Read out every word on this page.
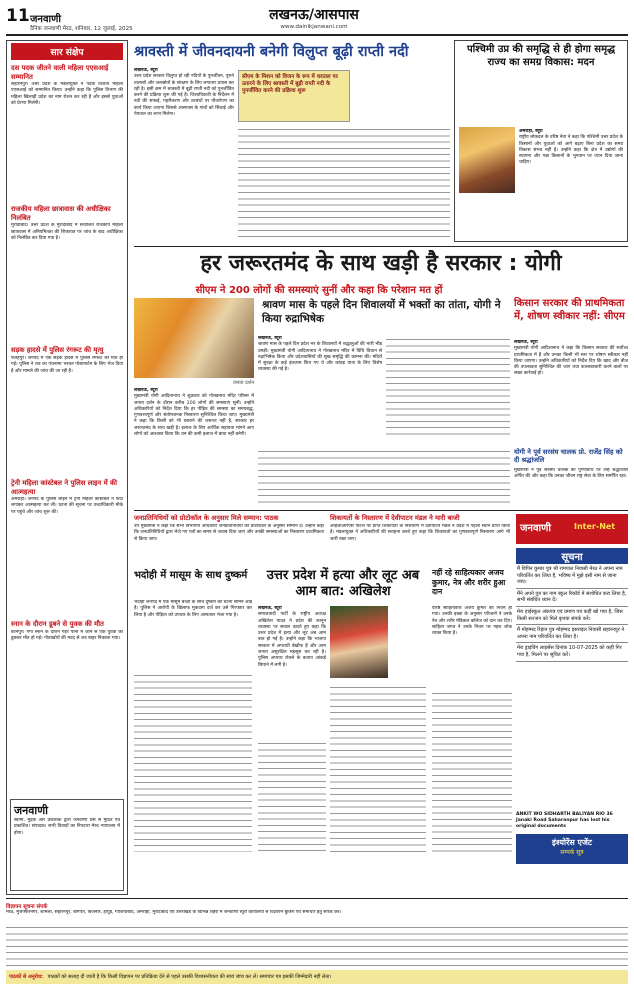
11 जनवाणी
दैनिक जनवाणी मेरठ, शनिवार, 12 जुलाई, 2025
लखनऊ/आसपास
www.dainikjanwani.com
सार संक्षेप
दस पदक जीतने वाली महिला एएसआई सम्मानित
सहारनपुर। उत्तर प्रदेश के मंडलायुक्त ने पदक विजेता महिला एएसआई को सम्मानित किया। उन्होंने कहा कि पुलिस विभाग की महिला खिलाड़ी प्रदेश का नाम रोशन कर रही हैं और इससे युवाओं को प्रेरणा मिलेगी।
राजकीय महिला छात्रावास की अधीक्षिका निलंबित
मुरादाबाद। उत्तर प्रदेश के मुरादाबाद में संचालित राजकीय महिला छात्रावास में अनियमितता की शिकायत पर जांच के बाद अधीक्षिका को निलंबित कर दिया गया है।
सड़क हादसे में पुलिस रंगरूट की मृत्यु
फतेहपुर। जनपद में एक सड़क हादसे में पुलिस रंगरूट की मौत हो गई। पुलिस ने शव का पंचनामा भरकर पोस्टमार्टम के लिए भेज दिया है और मामले की जांच की जा रही है।
ट्रेनी महिला कांस्टेबल ने पुलिस लाइन में की आत्महत्या
अमरोहा। जनपद के पुलिस लाइन में ट्रेनी महिला कांस्टेबल ने फंदा लगाकर आत्महत्या कर ली। घटना की सूचना पर उच्चाधिकारी मौके पर पहुंचे और जांच शुरू की।
स्नान के दौरान डूबने से युवक की मौत
कानपुर। गंगा स्नान के दौरान गहरे पानी में जाने से एक युवक की डूबकर मौत हो गई। गोताखोरों की मदद से शव बाहर निकाला गया।
जनवाणी
स्वामी, मुद्रक और प्रकाशक द्वारा जनवाणी प्रेस से मुद्रित एवं प्रकाशित। संपादक। सभी विवादों का निपटारा मेरठ न्यायालय में होगा।
श्रावस्ती में जीवनदायनी बनेगी विलुप्त बूढ़ी राप्ती नदी
सीएम के मिशन को विजन के रूप में धरातल पर उतारने के लिए श्रावस्ती में बूढ़ी राप्ती नदी के पुनर्जीवित करने की प्रक्रिया शुरू
लखनऊ, ब्यूरो
उत्तर प्रदेश सरकार विलुप्त हो रही नदियों के पुनर्जीवन, पुराने तालाबों और जलस्रोतों के संरक्षण के लिए लगातार प्रयास कर रही है। इसी क्रम में श्रावस्ती में बूढ़ी राप्ती नदी को पुनर्जीवित करने की प्रक्रिया शुरू की गई है। जिलाधिकारी के निर्देशन में नदी की सफाई, गहरीकरण और तटबंधों पर पौधरोपण का कार्य किया जाएगा जिससे आसपास के गांवों को सिंचाई और पेयजल का लाभ मिलेगा।
पश्चिमी उप्र की समृद्धि से ही होगा समृद्ध राज्य का समग्र विकास: मदन
अमरोहा, ब्यूरो
राष्ट्रीय लोकदल के वरिष्ठ नेता ने कहा कि पश्चिमी उत्तर प्रदेश के किसानों और युवाओं को आगे बढ़ाए बिना प्रदेश का समग्र विकास संभव नहीं है। उन्होंने कहा कि क्षेत्र में उद्योगों की स्थापना और गन्ना किसानों के भुगतान पर ध्यान दिया जाना चाहिए।
हर जरूरतमंद के साथ खड़ी है सरकार : योगी
सीएम ने 200 लोगों की समस्याएं सुनीं और कहा कि परेशान मत हों
जनता दर्शन
श्रावण मास के पहले दिन शिवालयों में भक्तों का तांता, योगी ने किया रुद्राभिषेक
लखनऊ, ब्यूरो
श्रावण मास के पहले दिन प्रदेश भर के शिवालयों में श्रद्धालुओं की भारी भीड़ उमड़ी। मुख्यमंत्री योगी आदित्यनाथ ने गोरखनाथ मंदिर में विधि विधान से रुद्राभिषेक किया और प्रदेशवासियों की सुख समृद्धि की कामना की। मंदिरों में सुरक्षा के कड़े इंतजाम किए गए थे और कांवड़ यात्रा के लिए विशेष व्यवस्था की गई है।
लखनऊ, ब्यूरो
मुख्यमंत्री योगी आदित्यनाथ ने शुक्रवार को गोरखनाथ मंदिर परिसर में जनता दर्शन के दौरान करीब 200 लोगों की समस्याएं सुनीं। उन्होंने अधिकारियों को निर्देश दिया कि हर पीड़ित की समस्या का समयबद्ध, गुणवत्तापूर्ण और संतोषजनक निस्तारण सुनिश्चित किया जाए। मुख्यमंत्री ने कहा कि किसी को भी घबराने की जरूरत नहीं है, सरकार हर जरूरतमंद के साथ खड़ी है। इलाज के लिए आर्थिक सहायता मांगने आए लोगों को आश्वस्त किया कि धन की कमी इलाज में बाधा नहीं बनेगी।
किसान सरकार की प्राथमिकता में, शोषण स्वीकार नहीं: सीएम
लखनऊ, ब्यूरो
मुख्यमंत्री योगी आदित्यनाथ ने कहा कि किसान सरकार की सर्वोच्च प्राथमिकता में हैं और उनका किसी भी स्तर पर शोषण स्वीकार नहीं किया जाएगा। उन्होंने अधिकारियों को निर्देश दिए कि खाद और बीज की उपलब्धता सुनिश्चित की जाए तथा कालाबाजारी करने वालों पर सख्त कार्रवाई हो।
योगी ने पूर्व सरसंघ चालक प्रो. राजेंद्र सिंह को दी श्रद्धांजलि
मुख्यमंत्री ने पूर्व सरसंघ चालक की पुण्यतिथि पर उन्हें श्रद्धांजलि अर्पित की और कहा कि उनका जीवन राष्ट्र सेवा के लिए समर्पित रहा।
जनप्रतिनिधियों को प्रोटोकॉल के अनुसार मिले सम्मान: पाठक
उप मुख्यमंत्री ने कहा कि सभी विभागीय अधिकारी जनप्रतिनिधियों को प्रोटोकॉल के अनुसार सम्मान दें। उन्होंने कहा कि जनप्रतिनिधियों द्वारा भेजे गए पत्रों का समय से जवाब दिया जाए और उनकी समस्याओं का निस्तारण प्राथमिकता से किया जाए।
शिकायतों के निस्तारण में देवीपाटन मंडल ने मारी बाजी
आईजीआरएस पोर्टल पर प्राप्त शिकायतों के निस्तारण में देवीपाटन मंडल ने प्रदेश में पहला स्थान प्राप्त किया है। मंडलायुक्त ने अधिकारियों की सराहना करते हुए कहा कि शिकायतों का गुणवत्तापूर्ण निस्तारण आगे भी जारी रखा जाए।
भदोही में मासूम के साथ दुष्कर्म
भदोही जनपद में एक मासूम बच्ची के साथ दुष्कर्म की घटना सामने आई है। पुलिस ने आरोपी के खिलाफ मुकदमा दर्ज कर उसे गिरफ्तार कर लिया है और पीड़िता को उपचार के लिए अस्पताल भेजा गया है।
उत्तर प्रदेश में हत्या और लूट अब आम बात: अखिलेश
लखनऊ, ब्यूरो
समाजवादी पार्टी के राष्ट्रीय अध्यक्ष अखिलेश यादव ने प्रदेश की कानून व्यवस्था पर सवाल उठाते हुए कहा कि उत्तर प्रदेश में हत्या और लूट अब आम बात हो गई है। उन्होंने कहा कि भाजपा सरकार में अपराधी बेखौफ हैं और आम जनता असुरक्षित महसूस कर रही है। पुलिस अपराध रोकने के बजाय आंकड़े छिपाने में लगी है।
नहीं रहे साहित्यकार अजय कुमार, नेत्र और शरीर हुआ दान
वरिष्ठ साहित्यकार अजय कुमार का निधन हो गया। उनकी इच्छा के अनुसार परिजनों ने उनके नेत्र और शरीर मेडिकल कॉलेज को दान कर दिए। साहित्य जगत ने उनके निधन पर गहरा शोक व्यक्त किया है।
जनवाणी	Inter-Net
सूचना
मैं विपिन कुमार पुत्र श्री रामपाल निवासी मेरठ ने अपना नाम परिवर्तित कर लिया है, भविष्य में मुझे इसी नाम से जाना जाए।
मैंने अपने पुत्र का नाम स्कूल रिकॉर्ड में संशोधित करा लिया है, सभी संबंधित ध्यान दें।
मेरा हाईस्कूल अंकपत्र एवं प्रमाण पत्र कहीं खो गया है, जिस किसी सज्जन को मिले कृपया संपर्क करें।
मैं मोहम्मद रिहान पुत्र मोहम्मद इसराइल निवासी सहारनपुर ने अपना नाम परिवर्तित कर लिया है।
मेरा ड्राइविंग लाइसेंस दिनांक 10-07-2025 को कहीं गिर गया है, मिलने पर सूचित करें।
ANKIT WO SIDHARTH BALIYAN RIO 36 Janaki Road Saharanpur has lost his original documents
इंश्योरेंस एजेंट
सम्पर्क सूत्र
विज्ञापन सूचना संपर्क
मेरठ, मुजफ्फरनगर, शामली, सहारनपुर, बागपत, बिजनौर, हापुड़, गाजियाबाद, अमरोहा, मुरादाबाद एवं उत्तराखंड के विभिन्न शहरों में जनवाणी ब्यूरो कार्यालयों से विज्ञापन बुकिंग एवं समाचार हेतु संपर्क करें।
पाठकों से अनुरोध: पाठकों को सलाह दी जाती है कि किसी विज्ञापन पर प्रतिक्रिया देने से पहले उसकी विश्वसनीयता की स्वयं जांच कर लें। समाचार पत्र इसकी जिम्मेदारी नहीं लेता।
